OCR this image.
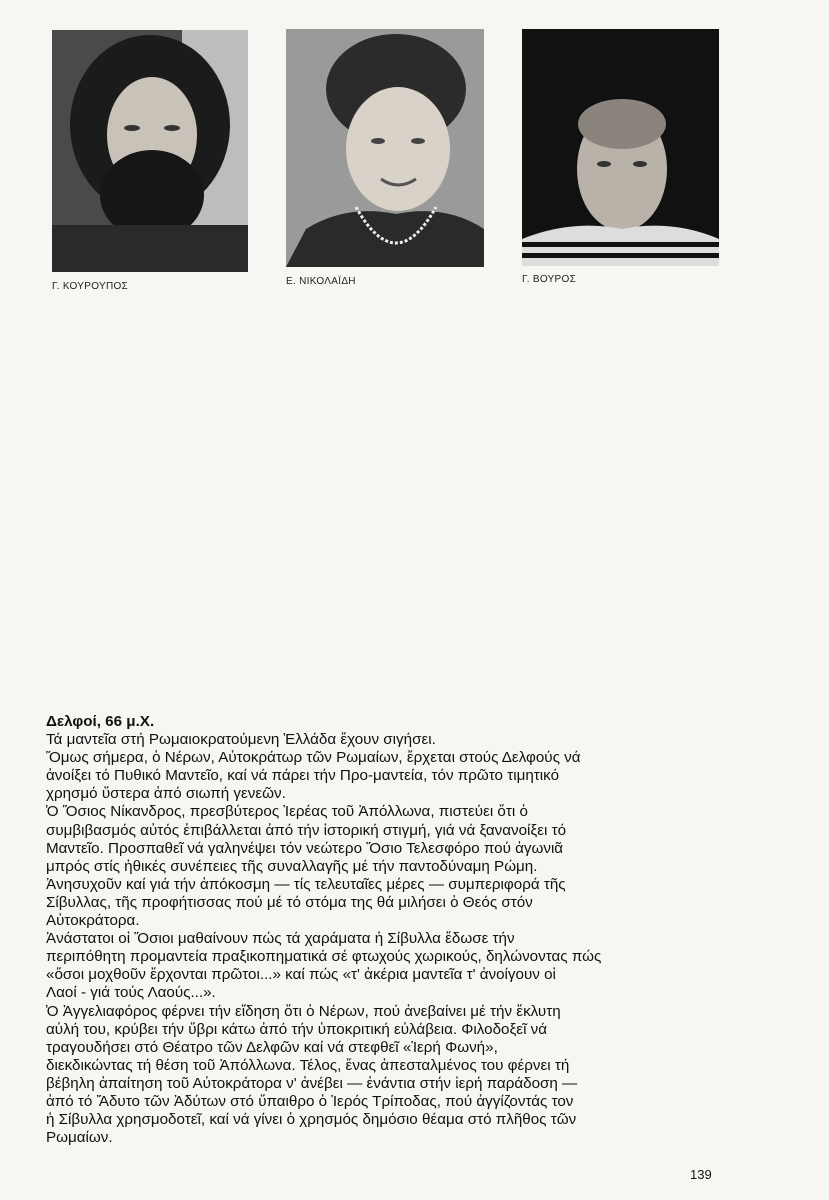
Γ. ΚΟΥΡΟΥΠΟΣ	Ε. ΝΙΚΟΛΑΪΔΗ	Γ. ΒΟΥΡΟΣ

Δελφοί, 66 μ.Χ.

Τά μαντεῖα στή Ρωμαιοκρατούμενη Ἑλλάδα ἔχουν σιγήσει.

Ὅμως σήμερα, ὁ Νέρων, Αὐτοκράτωρ τῶν Ρωμαίων, ἔρχεται στούς Δελφούς νά

ἀνοίξει τό Πυθικό Μαντεῖο, καί νά πάρει τήν Προ-μαντεία, τόν πρῶτο τιμητικό

χρησμό ὕστερα ἀπό σιωπή γενεῶν.

Ὁ Ὅσιος Νίκανδρος, πρεσβύτερος Ἱερέας τοῦ Ἀπόλλωνα, πιστεύει ὅτι ὁ

συμβιβασμός αὐτός ἐπιβάλλεται ἀπό τήν ἱστορική στιγμή, γιά νά ξανανοίξει τό

Μαντεῖο. Προσπαθεῖ νά γαληνέψει τόν νεώτερο Ὅσιο Τελεσφόρο πού ἀγωνιᾶ

μπρός στίς ἠθικές συνέπειες τῆς συναλλαγῆς μέ τήν παντοδύναμη Ρώμη.

Ἀνησυχοῦν καί γιά τήν ἀπόκοσμη — τίς τελευταῖες μέρες — συμπεριφορά τῆς

Σίβυλλας, τῆς προφήτισσας πού μέ τό στόμα της θά μιλήσει ὁ Θεός στόν

Αὐτοκράτορα.

Ἀνάστατοι οἱ Ὅσιοι μαθαίνουν πώς τά χαράματα ἡ Σίβυλλα ἔδωσε τήν

περιπόθητη προμαντεία πραξικοπηματικά σέ φτωχούς χωρικούς, δηλώνοντας πώς

«ὅσοι μοχθοῦν ἔρχονται πρῶτοι...» καί πώς «τ' ἀκέρια μαντεῖα τ' ἀνοίγουν οἱ

Λαοί - γιά τούς Λαούς...».

Ὁ Ἀγγελιαφόρος φέρνει τήν εἴδηση ὅτι ὁ Νέρων, πού ἀνεβαίνει μέ τήν ἔκλυτη

αὐλή του, κρύβει τήν ὕβρι κάτω ἀπό τήν ὑποκριτική εὐλάβεια. Φιλοδοξεῖ νά

τραγουδήσει στό Θέατρο τῶν Δελφῶν καί νά στεφθεῖ «Ἱερή Φωνή»,

διεκδικώντας τή θέση τοῦ Ἀπόλλωνα. Τέλος, ἕνας ἀπεσταλμένος του φέρνει τή

βέβηλη ἀπαίτηση τοῦ Αὐτοκράτορα ν' ἀνέβει — ἐνάντια στήν ἱερή παράδοση —

ἀπό τό Ἄδυτο τῶν Ἀδύτων στό ὕπαιθρο ὁ Ἱερός Τρίποδας, πού ἀγγίζοντάς τον

ἡ Σίβυλλα χρησμοδοτεῖ, καί νά γίνει ὁ χρησμός δημόσιο θέαμα στό πλῆθος τῶν

Ρωμαίων.

139
